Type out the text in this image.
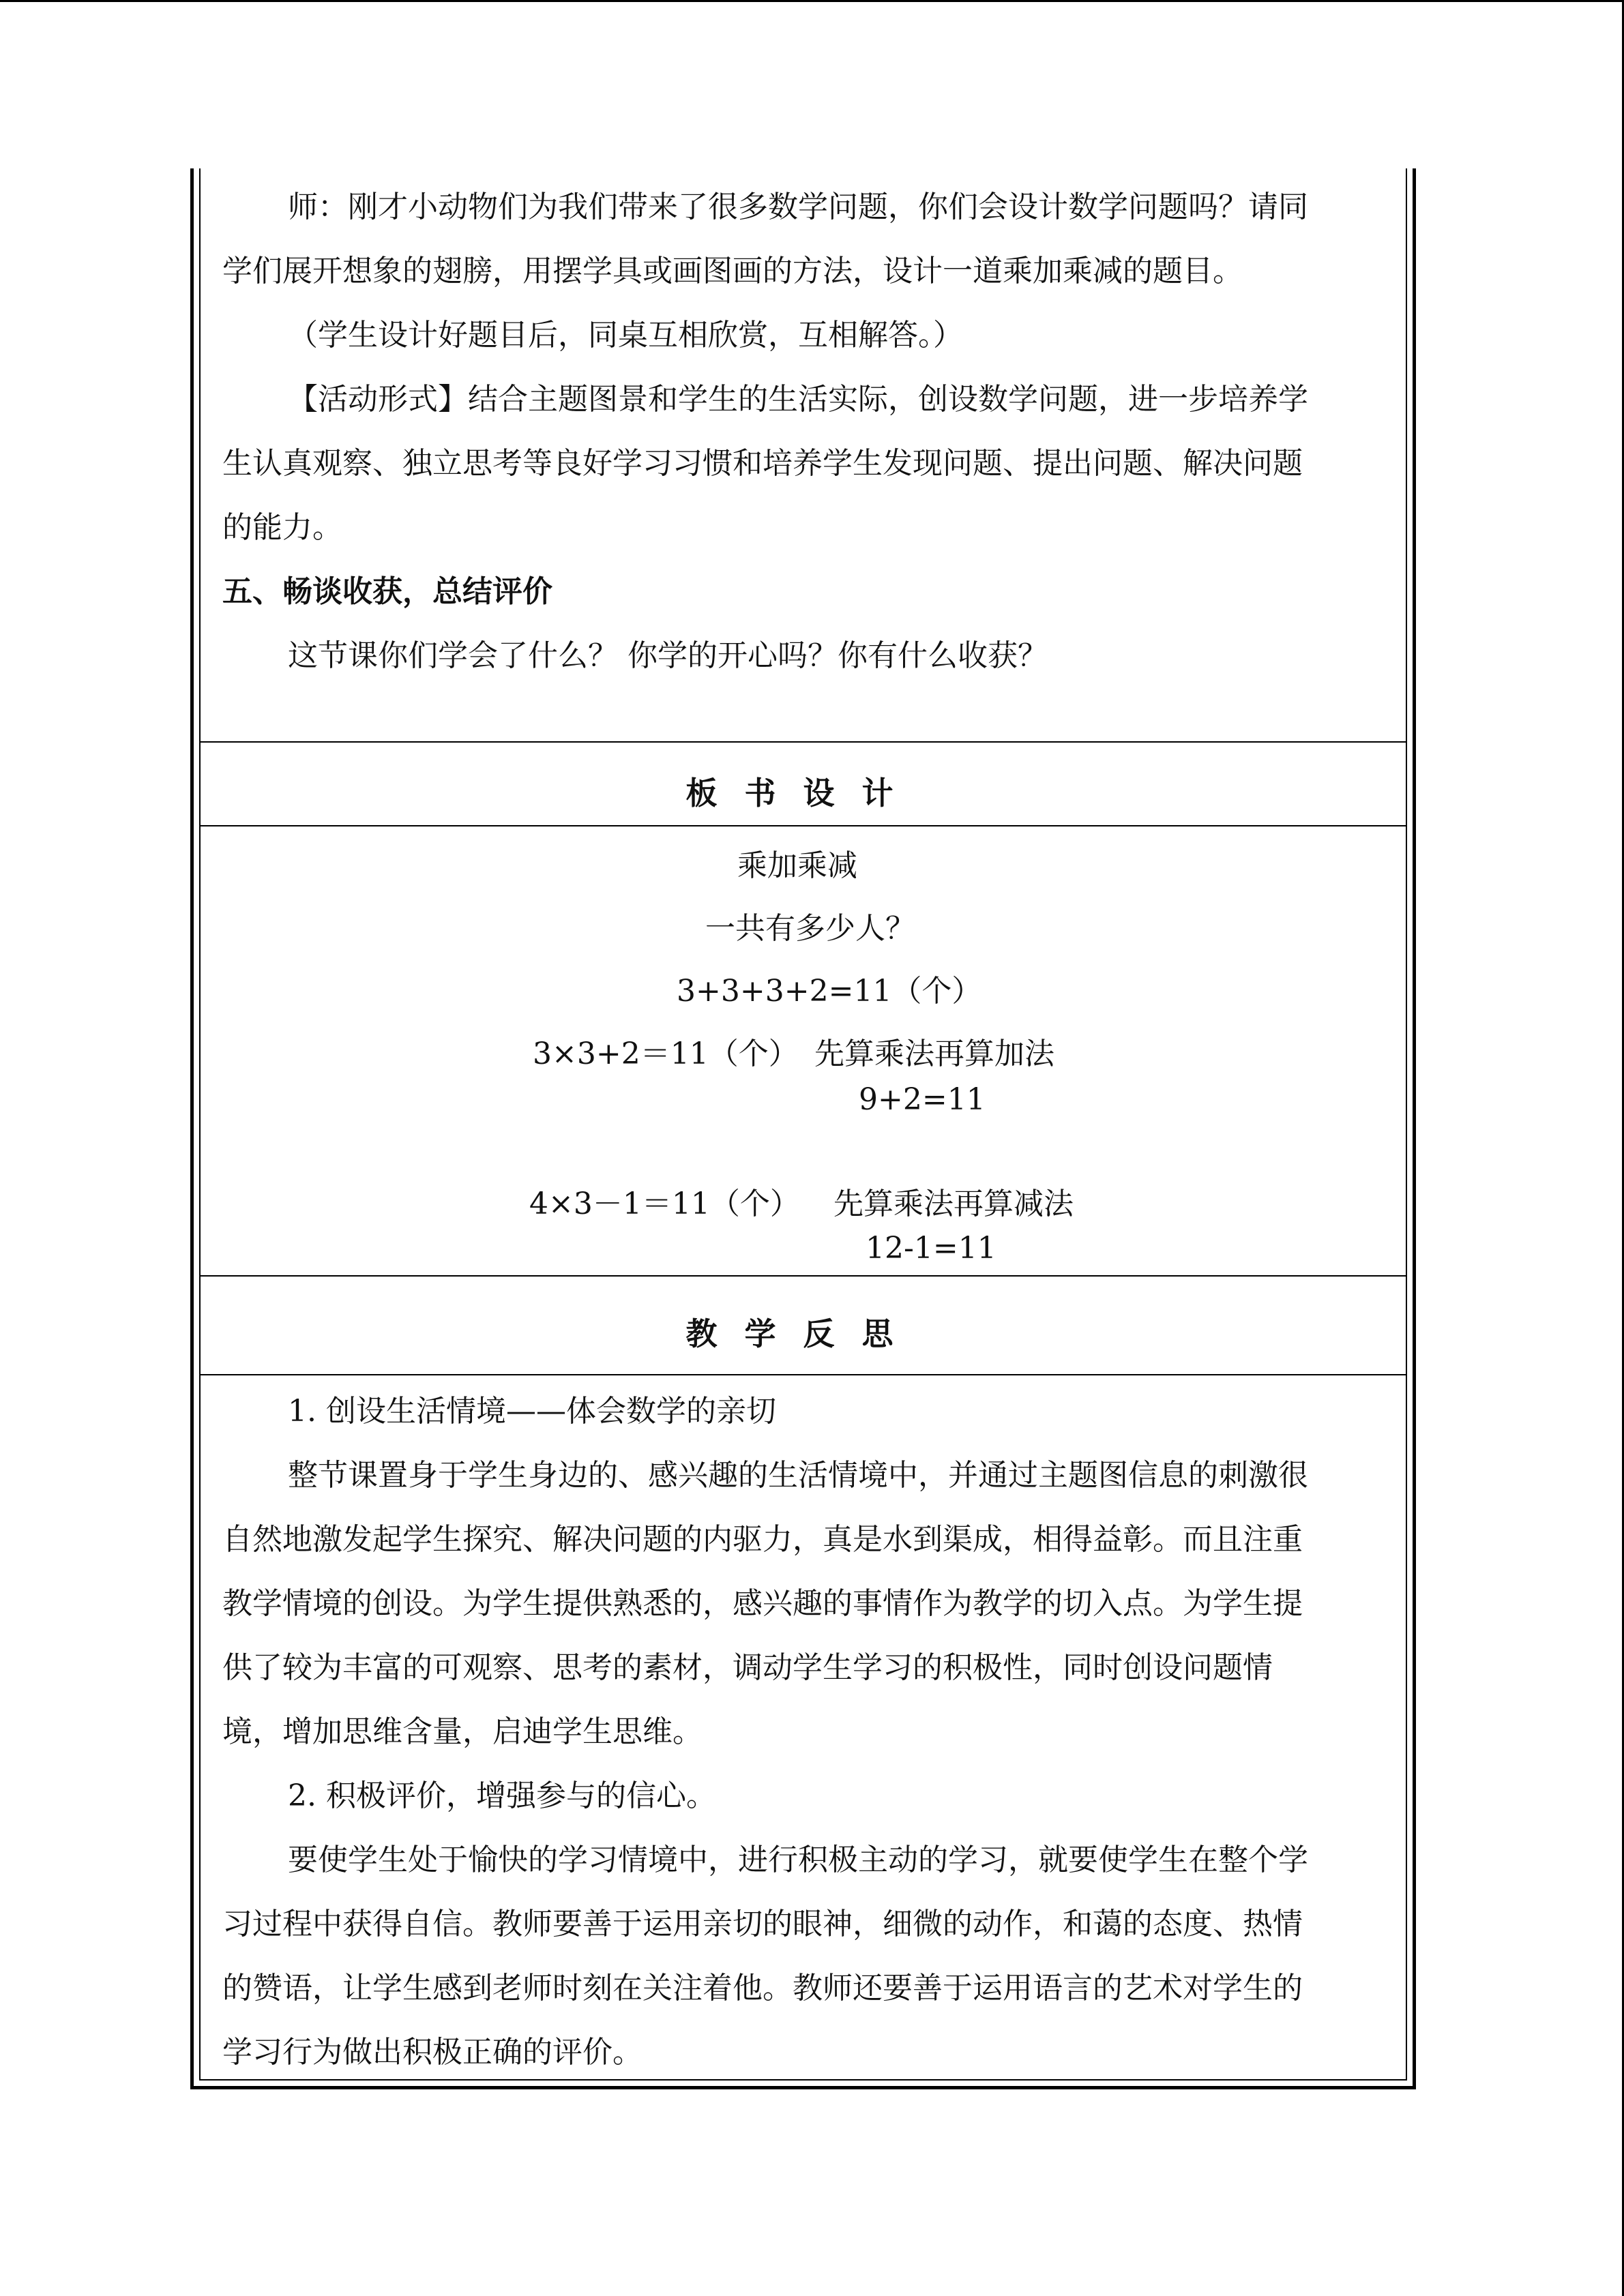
师：刚才小动物们为我们带来了很多数学问题，你们会设计数学问题吗？请同

学们展开想象的翅膀，用摆学具或画图画的方法，设计一道乘加乘减的题目。

（学生设计好题目后，同桌互相欣赏，互相解答。）

【活动形式】结合主题图景和学生的生活实际，创设数学问题，进一步培养学

生认真观察、独立思考等良好学习习惯和培养学生发现问题、提出问题、解决问题

的能力。

五、畅谈收获，总结评价

这节课你们学会了什么？ 你学的开心吗？你有什么收获？

板书设计
乘加乘减
一共有多少人？
3+3+3+2=11（个）
3×3+2＝11（个） 先算乘法再算加法
9+2=11
4×3－1＝11（个） 先算乘法再算减法
12-1=11
教学反思

1. 创设生活情境——体会数学的亲切

整节课置身于学生身边的、感兴趣的生活情境中，并通过主题图信息的刺激很

自然地激发起学生探究、解决问题的内驱力，真是水到渠成，相得益彰。而且注重

教学情境的创设。为学生提供熟悉的，感兴趣的事情作为教学的切入点。为学生提

供了较为丰富的可观察、思考的素材，调动学生学习的积极性，同时创设问题情

境，增加思维含量，启迪学生思维。

2. 积极评价，增强参与的信心。

要使学生处于愉快的学习情境中，进行积极主动的学习，就要使学生在整个学

习过程中获得自信。教师要善于运用亲切的眼神，细微的动作，和蔼的态度、热情

的赞语，让学生感到老师时刻在关注着他。教师还要善于运用语言的艺术对学生的

学习行为做出积极正确的评价。
